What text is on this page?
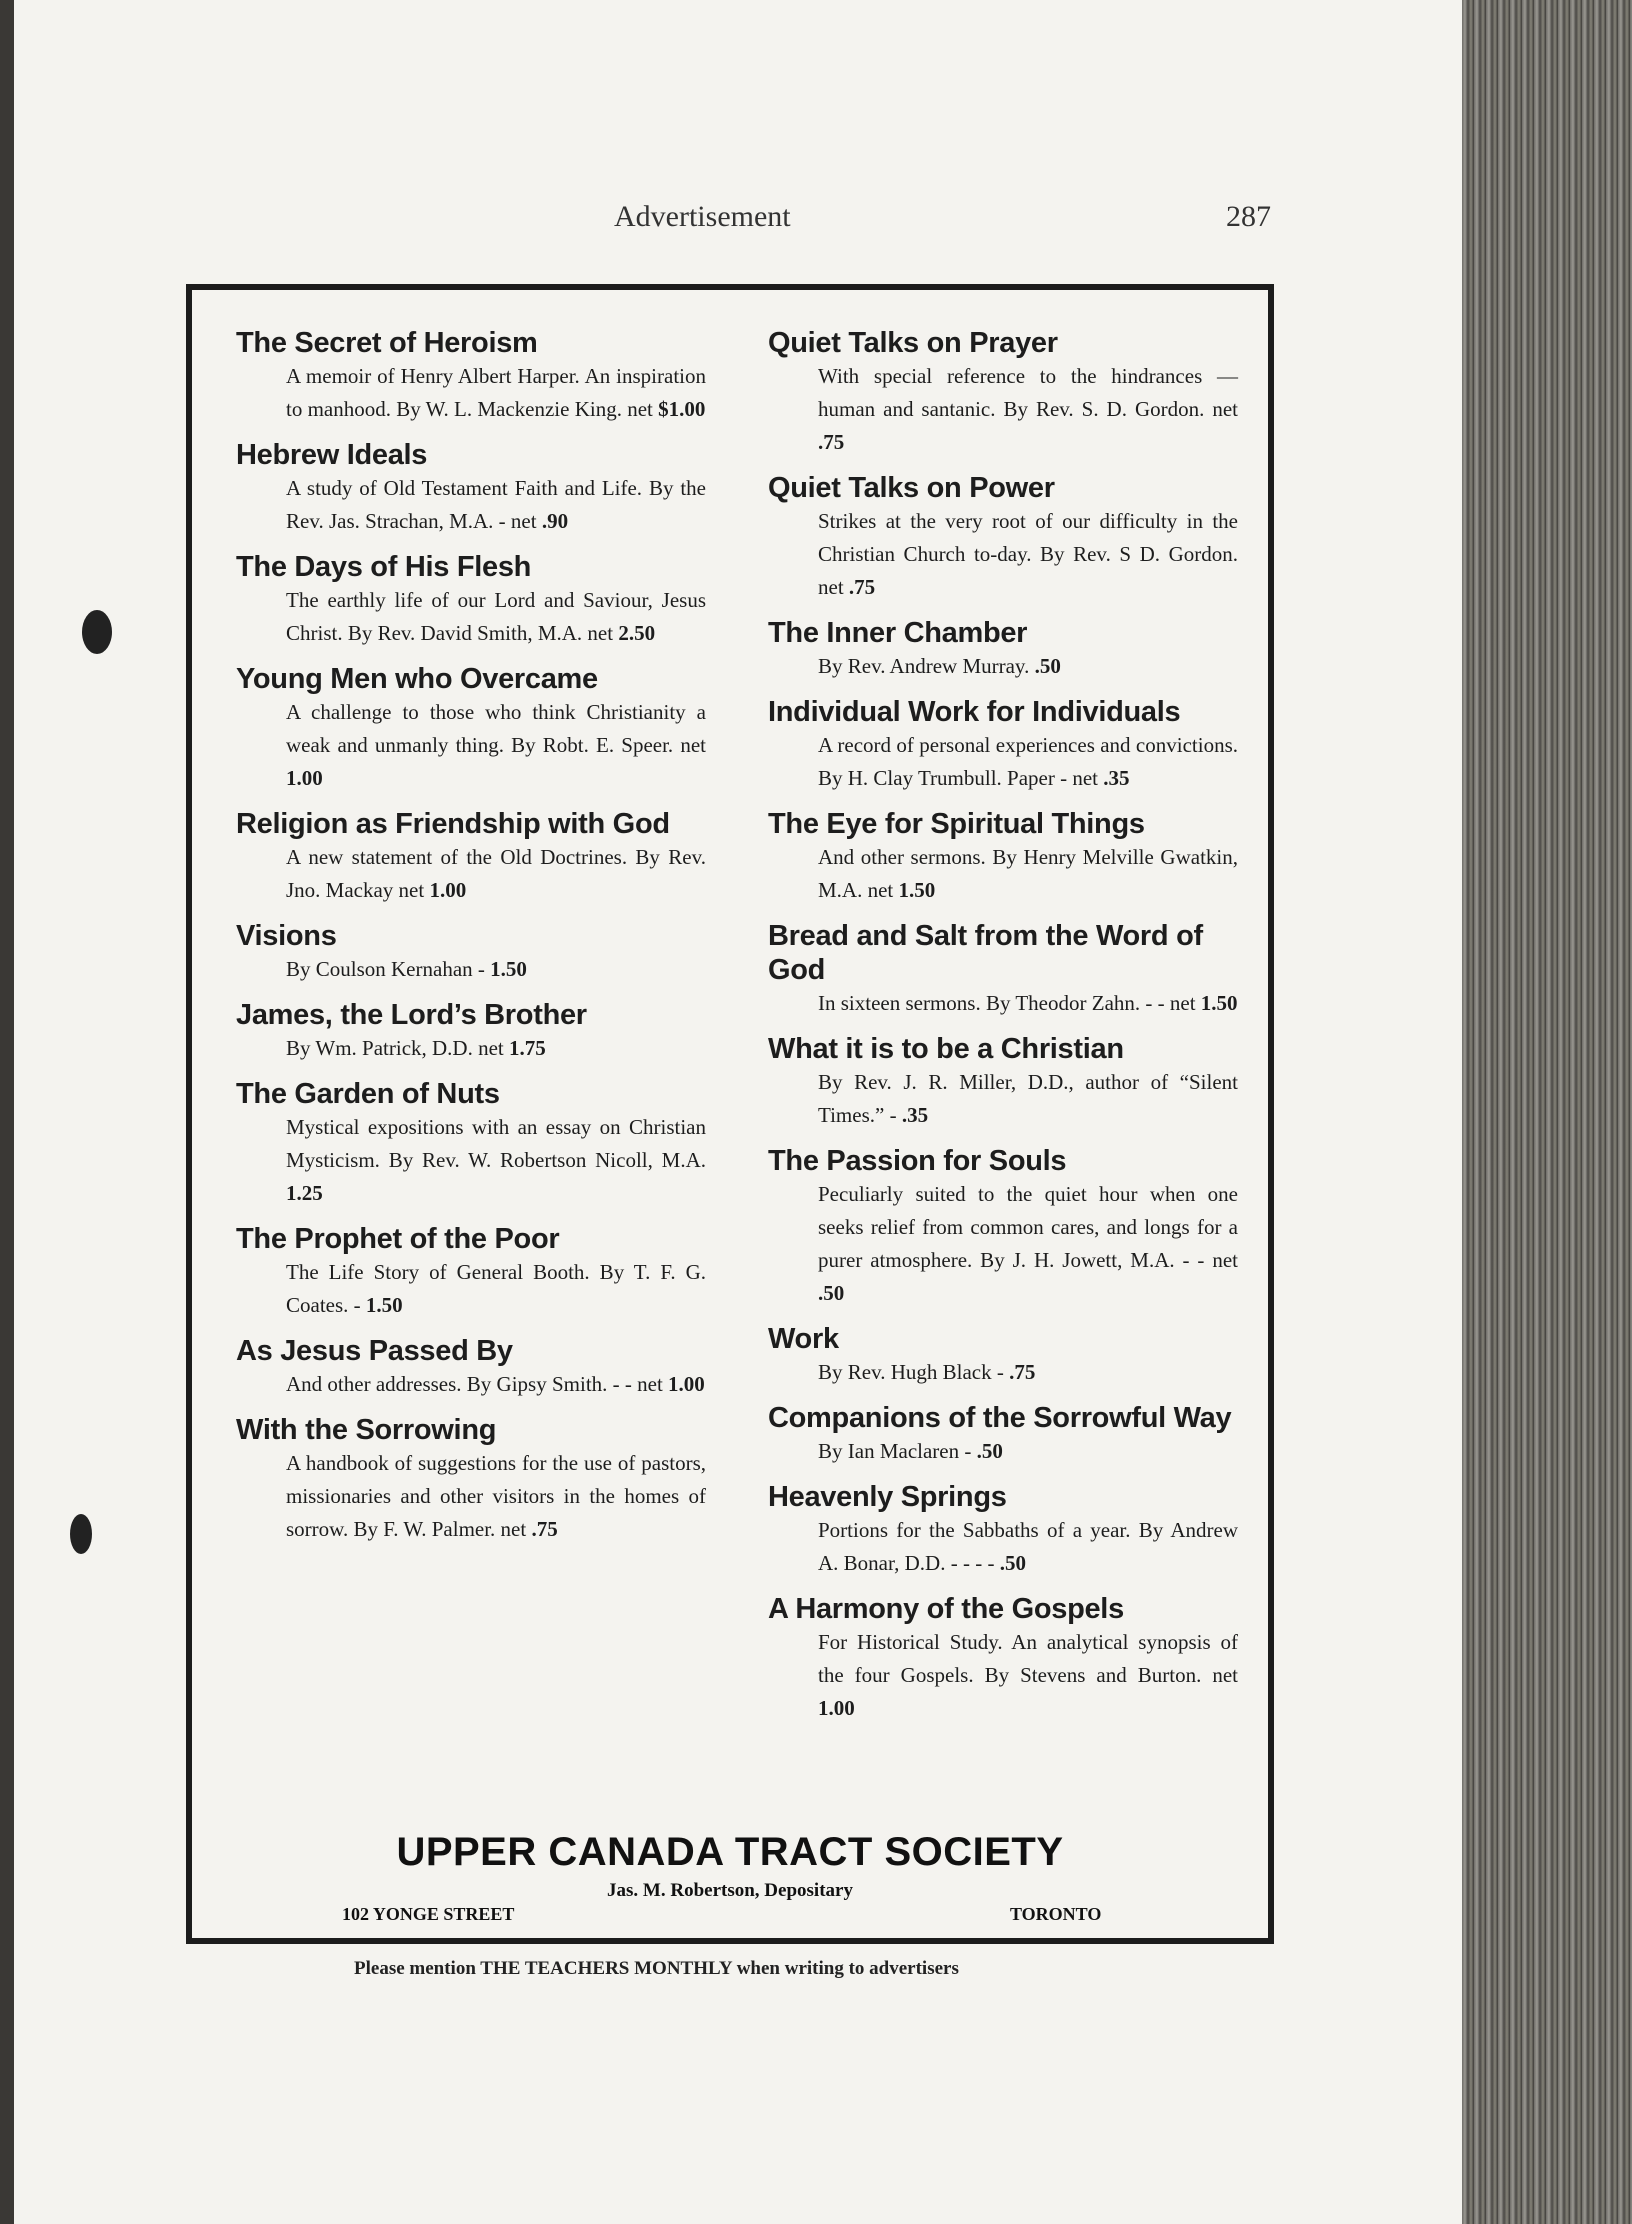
Advertisement	287
The Secret of Heroism
A memoir of Henry Albert Harper. An inspiration to manhood. By W. L. Mackenzie King. net $1.00
Hebrew Ideals
A study of Old Testament Faith and Life. By the Rev. Jas. Strachan, M.A. - net .90
The Days of His Flesh
The earthly life of our Lord and Saviour, Jesus Christ. By Rev. David Smith, M.A. net 2.50
Young Men who Overcame
A challenge to those who think Christianity a weak and unmanly thing. By Robt. E. Speer. net 1.00
Religion as Friendship with God
A new statement of the Old Doctrines. By Rev. Jno. Mackay net 1.00
Visions
By Coulson Kernahan - 1.50
James, the Lord’s Brother
By Wm. Patrick, D.D. net 1.75
The Garden of Nuts
Mystical expositions with an essay on Christian Mysticism. By Rev. W. Robertson Nicoll, M.A. 1.25
The Prophet of the Poor
The Life Story of General Booth. By T. F. G. Coates. - 1.50
As Jesus Passed By
And other addresses. By Gipsy Smith. - - net 1.00
With the Sorrowing
A handbook of suggestions for the use of pastors, missionaries and other visitors in the homes of sorrow. By F. W. Palmer. net .75
Quiet Talks on Prayer
With special reference to the hindrances — human and santanic. By Rev. S. D. Gordon. net .75
Quiet Talks on Power
Strikes at the very root of our difficulty in the Christian Church to-day. By Rev. S D. Gordon. net .75
The Inner Chamber
By Rev. Andrew Murray. .50
Individual Work for Individuals
A record of personal experiences and convictions. By H. Clay Trumbull. Paper - net .35
The Eye for Spiritual Things
And other sermons. By Henry Melville Gwatkin, M.A. net 1.50
Bread and Salt from the Word of God
In sixteen sermons. By Theodor Zahn. - - net 1.50
What it is to be a Christian
By Rev. J. R. Miller, D.D., author of “Silent Times.” - .35
The Passion for Souls
Peculiarly suited to the quiet hour when one seeks relief from common cares, and longs for a purer atmosphere. By J. H. Jowett, M.A. - - net .50
Work
By Rev. Hugh Black - .75
Companions of the Sorrowful Way
By Ian Maclaren - .50
Heavenly Springs
Portions for the Sabbaths of a year. By Andrew A. Bonar, D.D. - - - - .50
A Harmony of the Gospels
For Historical Study. An analytical synopsis of the four Gospels. By Stevens and Burton. net 1.00
UPPER CANADA TRACT SOCIETY
Jas. M. Robertson, Depositary
102 YONGE STREET	TORONTO
Please mention THE TEACHERS MONTHLY when writing to advertisers
